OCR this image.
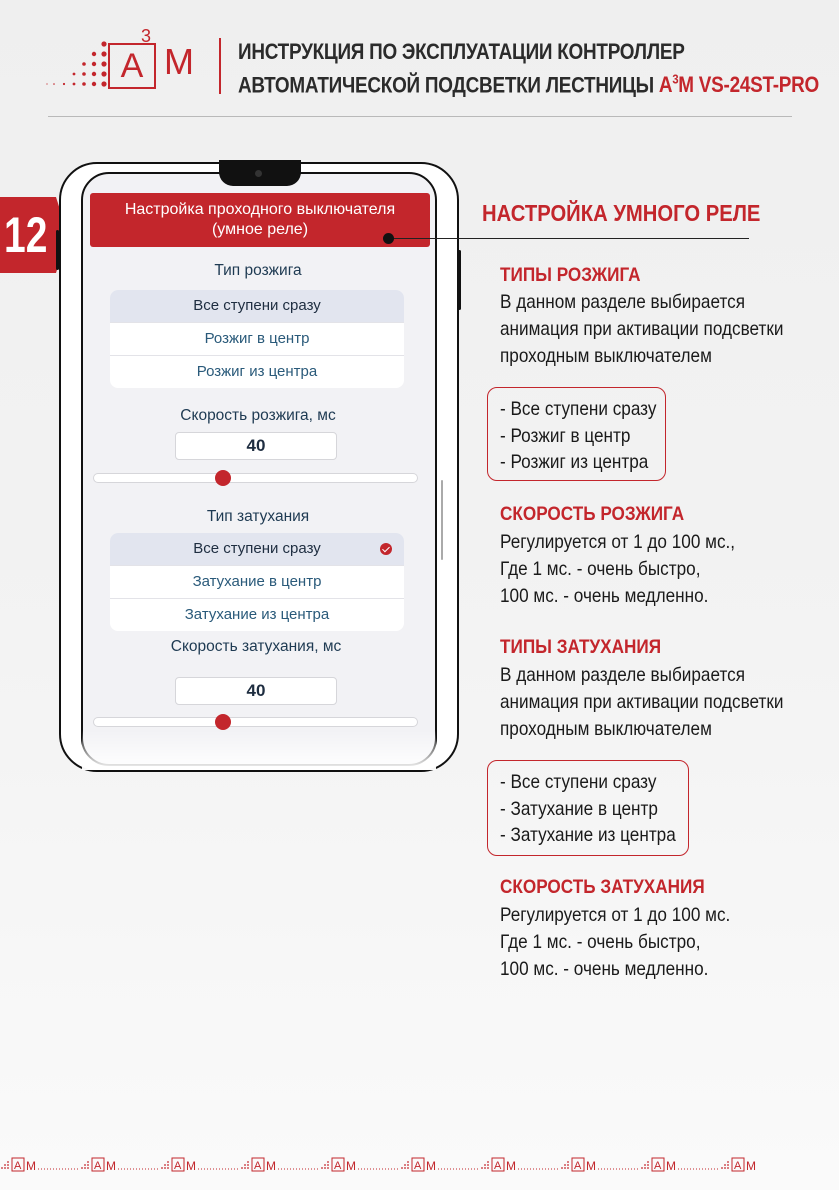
А
3
М ИНСТРУКЦИЯ ПО ЭКСПЛУАТАЦИИ КОНТРОЛЛЕР
АВТОМАТИЧЕСКОЙ ПОДСВЕТКИ ЛЕСТНИЦЫ $А^3М$ VS-24ST-PRO
12	Настройка проходного выключателя
(умное реле)
Тип розжига
Все ступени сразу
Розжиг в центр
Розжиг из центра
Скорость розжига, мс
40
Тип затухания
Все ступени сразу
Затухание в центр
Затухание из центра
Скорость затухания, мс
40
НАСТРОЙКА УМНОГО РЕЛЕ
ТИПЫ РОЗЖИГА
В данном разделе выбирается
анимация при активации подсветки
проходным выключателем
- Все ступени сразу
- Розжиг в центр
- Розжиг из центра
СКОРОСТЬ РОЗЖИГА
Регулируется от 1 до 100 мс.,
Где 1 мс. - очень быстро,
100 мс. - очень медленно.
ТИПЫ ЗАТУХАНИЯ
В данном разделе выбирается
анимация при активации подсветки
проходным выключателем
- Все ступени сразу
- Затухание в центр
- Затухание из центра
СКОРОСТЬ ЗАТУХАНИЯ
Регулируется от 1 до 100 мс.
Где 1 мс. - очень быстро,
100 мс. - очень медленно.
А М	А М	А М	А М	А М	А М	А М	А М	А М	А М
